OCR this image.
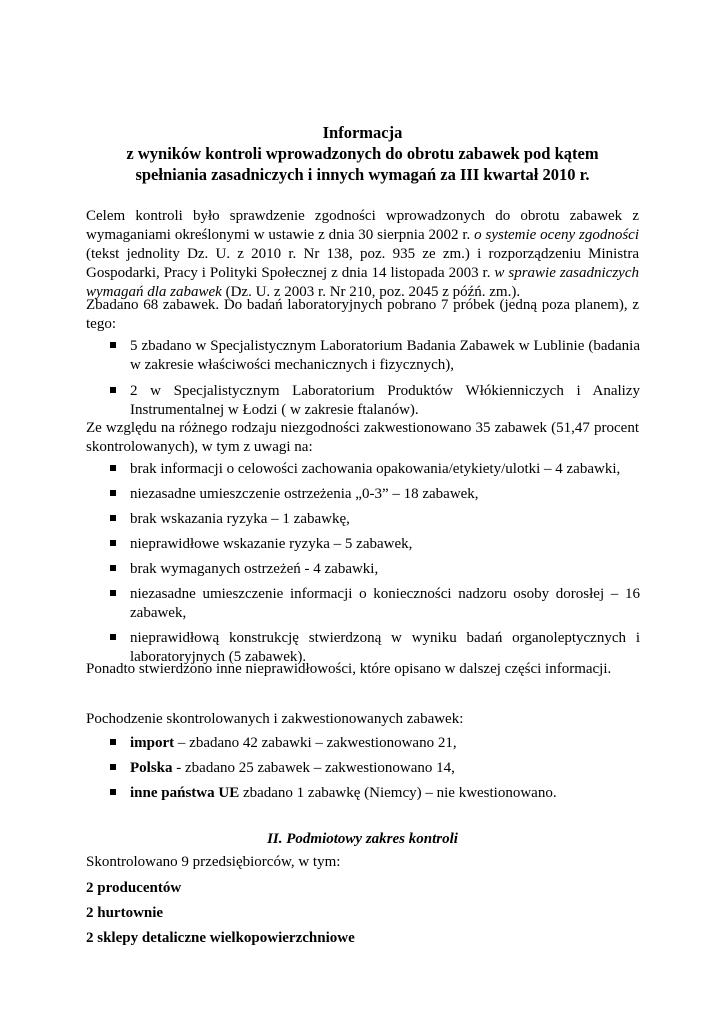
Informacja
z wyników kontroli wprowadzonych do obrotu zabawek pod kątem
spełniania zasadniczych i innych wymagań za III kwartał 2010 r.
Celem kontroli było sprawdzenie zgodności wprowadzonych do obrotu zabawek z wymaganiami określonymi w ustawie z dnia 30 sierpnia 2002 r. o systemie oceny zgodności (tekst jednolity Dz. U. z 2010 r. Nr 138, poz. 935 ze zm.) i rozporządzeniu Ministra Gospodarki, Pracy i Polityki Społecznej z dnia 14 listopada 2003 r. w sprawie zasadniczych wymagań dla zabawek (Dz. U. z 2003 r. Nr 210, poz. 2045 z późń. zm.).
Zbadano 68 zabawek. Do badań laboratoryjnych pobrano 7 próbek (jedną poza planem), z tego:
5 zbadano w Specjalistycznym Laboratorium Badania Zabawek w Lublinie (badania w zakresie właściwości mechanicznych i fizycznych),
2 w Specjalistycznym Laboratorium Produktów Włókienniczych i Analizy Instrumentalnej w Łodzi ( w zakresie ftalanów).
Ze względu na różnego rodzaju niezgodności zakwestionowano 35 zabawek (51,47 procent skontrolowanych), w tym z uwagi na:
brak informacji o celowości zachowania opakowania/etykiety/ulotki – 4 zabawki,
niezasadne umieszczenie ostrzeżenia „0-3” – 18 zabawek,
brak wskazania ryzyka – 1 zabawkę,
nieprawidłowe wskazanie ryzyka – 5 zabawek,
brak wymaganych ostrzeżeń - 4 zabawki,
niezasadne umieszczenie informacji o konieczności nadzoru osoby dorosłej – 16 zabawek,
nieprawidłową konstrukcję stwierdzoną w wyniku badań organoleptycznych i laboratoryjnych (5 zabawek).
Ponadto stwierdzono inne nieprawidłowości, które opisano w dalszej części informacji.
Pochodzenie skontrolowanych i zakwestionowanych zabawek:
import – zbadano 42 zabawki – zakwestionowano 21,
Polska - zbadano 25 zabawek – zakwestionowano 14,
inne państwa UE zbadano 1 zabawkę (Niemcy) – nie kwestionowano.
II. Podmiotowy zakres kontroli
Skontrolowano 9 przedsiębiorców, w tym:
2 producentów
2 hurtownie
2 sklepy detaliczne wielkopowierzchniowe
